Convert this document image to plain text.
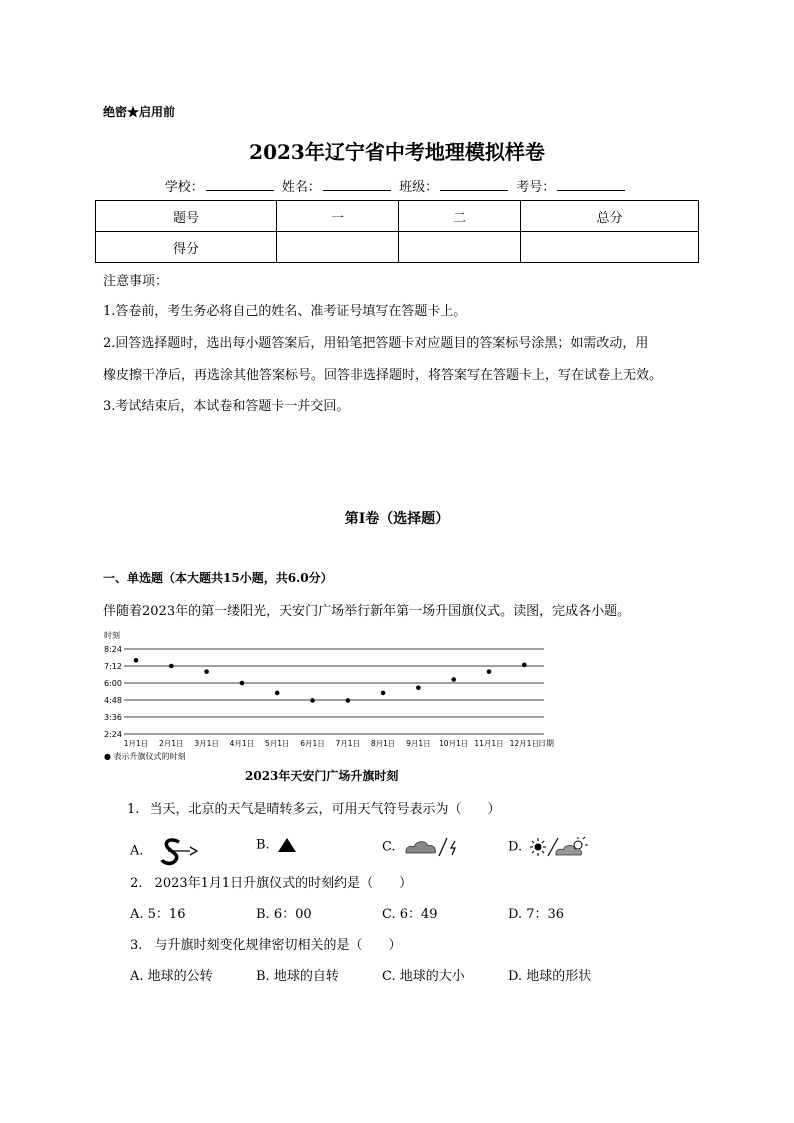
绝密★启用前
2023年辽宁省中考地理模拟样卷
学校：	姓名：	班级：	考号：
题号	一	二	总分
得分			
注意事项：
1.答卷前，考生务必将自己的姓名、准考证号填写在答题卡上。
2.回答选择题时，选出每小题答案后，用铅笔把答题卡对应题目的答案标号涂黑；如需改动，用
橡皮擦干净后，再选涂其他答案标号。回答非选择题时，将答案写在答题卡上，写在试卷上无效。
3.考试结束后，本试卷和答题卡一并交回。
第I卷（选择题）
一、单选题（本大题共15小题，共6.0分）
伴随着2023年的第一缕阳光，天安门广场举行新年第一场升国旗仪式。读图，完成各小题。
8:24
7:12
6:00
4:48
3:36
2:24
1月1日 2月1日 3月1日 4月1日 5月1日 6月1日 7月1日 8月1日 9月1日 10月1日 11月1日 12月1日
时刻
日期
● 表示升旗仪式的时刻
2023年天安门广场升旗时刻
1. 当天，北京的天气是晴转多云，可用天气符号表示为（　　）
A.	B.	C.	D.
2. 2023年1月1日升旗仪式的时刻约是（　　）
A. 5：16	B. 6：00	C. 6：49	D. 7：36
3. 与升旗时刻变化规律密切相关的是（　　）
A. 地球的公转	B. 地球的自转	C. 地球的大小	D. 地球的形状
